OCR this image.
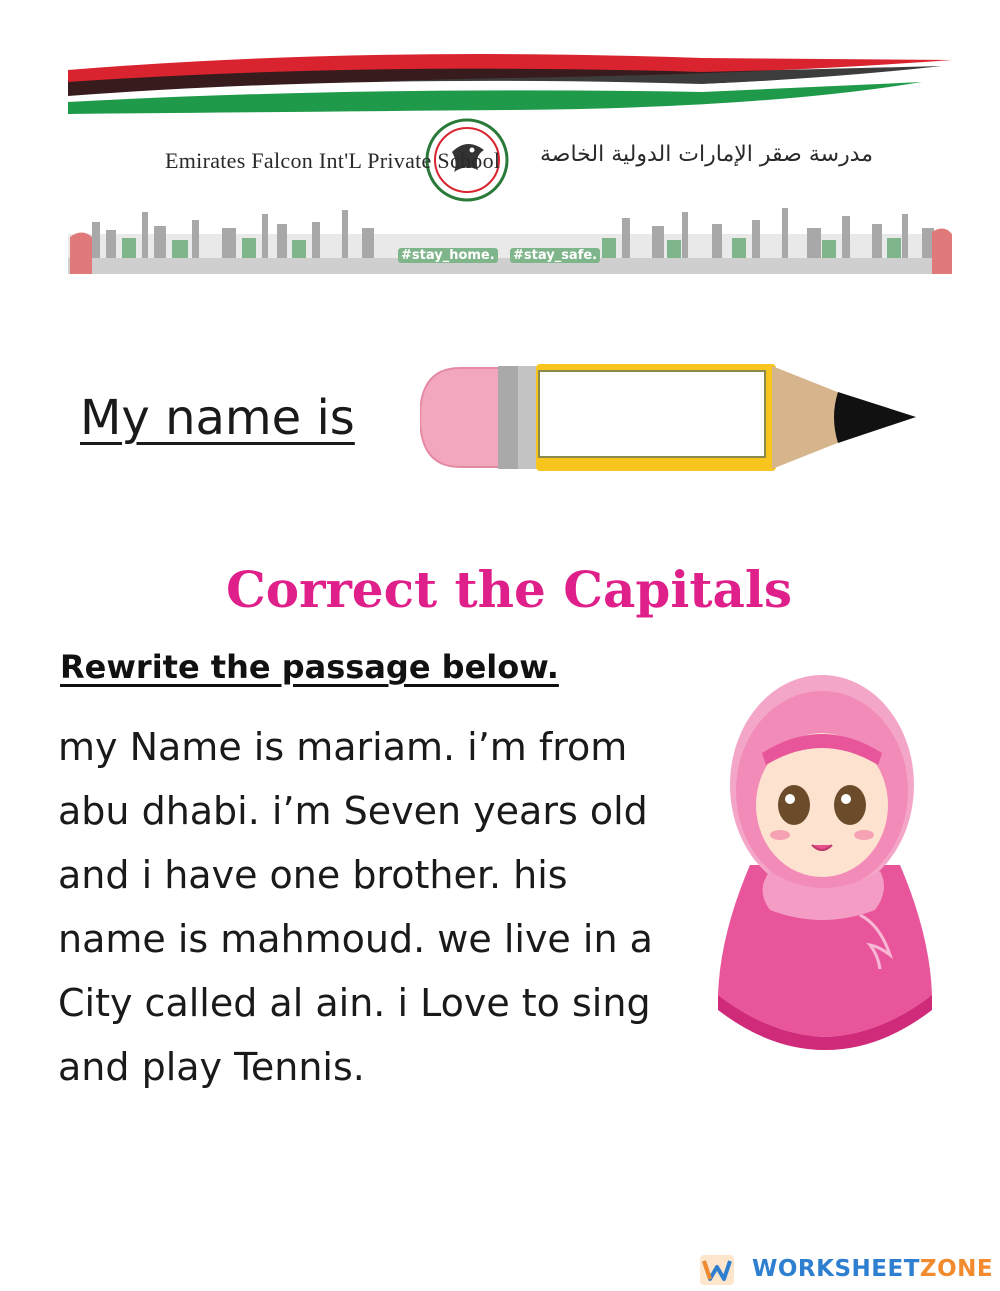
Emirates Falcon Int'L Private School مدرسة صقر الإمارات الدولية الخاصة
#stay_home. #stay_safe.
My name is
Correct the Capitals
Rewrite the passage below.
my Name is mariam. i’m from
abu dhabi. i’m Seven years old
and i have one brother. his
name is mahmoud. we live in a
City called al ain. i Love to sing
and play Tennis.
WORKSHEETZONE
